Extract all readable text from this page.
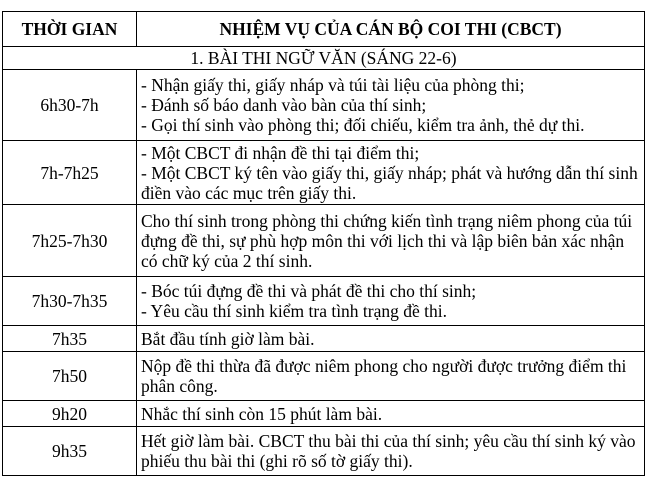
THỜI GIAN	NHIỆM VỤ CỦA CÁN BỘ COI THI (CBCT)
1. BÀI THI NGỮ VĂN (SÁNG 22-6)	
6h30-7h	- Nhận giấy thi, giấy nháp và túi tài liệu của phòng thi;
- Đánh số báo danh vào bàn của thí sinh;
- Gọi thí sinh vào phòng thi; đối chiếu, kiểm tra ảnh, thẻ dự thi.

7h-7h25	- Một CBCT đi nhận đề thi tại điểm thi;
- Một CBCT ký tên vào giấy thi, giấy nháp; phát và hướng dẫn thí sinh điền vào các mục trên giấy thi.

7h25-7h30	Cho thí sinh trong phòng thi chứng kiến tình trạng niêm phong của túi đựng đề thi, sự phù hợp môn thi với lịch thi và lập biên bản xác nhận có chữ ký của 2 thí sinh.

7h30-7h35	- Bóc túi đựng đề thi và phát đề thi cho thí sinh;
- Yêu cầu thí sinh kiểm tra tình trạng đề thi.

7h35	Bắt đầu tính giờ làm bài.

7h50	Nộp đề thi thừa đã được niêm phong cho người được trưởng điểm thi phân công.

9h20	Nhắc thí sinh còn 15 phút làm bài.

9h35	Hết giờ làm bài. CBCT thu bài thi của thí sinh; yêu cầu thí sinh ký vào phiếu thu bài thi (ghi rõ số tờ giấy thi).
